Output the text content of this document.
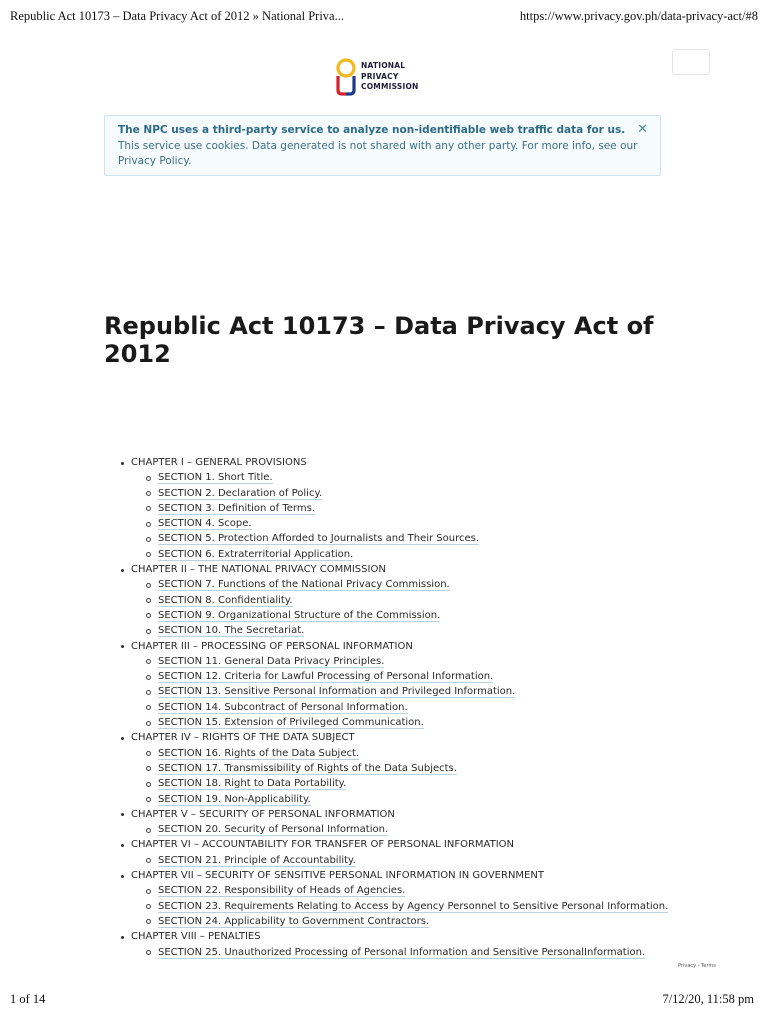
Republic Act 10173 – Data Privacy Act of 2012 » National Priva...	https://www.privacy.gov.ph/data-privacy-act/#8
NATIONAL
PRIVACY
COMMISSION
✕
The NPC uses a third-party service to analyze non-identifiable web traffic data for us.
This service use cookies. Data generated is not shared with any other party. For more info, see our Privacy Policy.
Republic Act 10173 – Data Privacy Act of 2012
CHAPTER I – GENERAL PROVISIONS
SECTION 1. Short Title.
SECTION 2. Declaration of Policy.
SECTION 3. Definition of Terms.
SECTION 4. Scope.
SECTION 5. Protection Afforded to Journalists and Their Sources.
SECTION 6. Extraterritorial Application.
CHAPTER II – THE NATIONAL PRIVACY COMMISSION
SECTION 7. Functions of the National Privacy Commission.
SECTION 8. Confidentiality.
SECTION 9. Organizational Structure of the Commission.
SECTION 10. The Secretariat.
CHAPTER III – PROCESSING OF PERSONAL INFORMATION
SECTION 11. General Data Privacy Principles.
SECTION 12. Criteria for Lawful Processing of Personal Information.
SECTION 13. Sensitive Personal Information and Privileged Information.
SECTION 14. Subcontract of Personal Information.
SECTION 15. Extension of Privileged Communication.
CHAPTER IV – RIGHTS OF THE DATA SUBJECT
SECTION 16. Rights of the Data Subject.
SECTION 17. Transmissibility of Rights of the Data Subjects.
SECTION 18. Right to Data Portability.
SECTION 19. Non-Applicability.
CHAPTER V – SECURITY OF PERSONAL INFORMATION
SECTION 20. Security of Personal Information.
CHAPTER VI – ACCOUNTABILITY FOR TRANSFER OF PERSONAL INFORMATION
SECTION 21. Principle of Accountability.
CHAPTER VII – SECURITY OF SENSITIVE PERSONAL INFORMATION IN GOVERNMENT
SECTION 22. Responsibility of Heads of Agencies.
SECTION 23. Requirements Relating to Access by Agency Personnel to Sensitive Personal Information.
SECTION 24. Applicability to Government Contractors.
CHAPTER VIII – PENALTIES
SECTION 25. Unauthorized Processing of Personal Information and Sensitive PersonalInformation.
Privacy - Terms
1 of 14	7/12/20, 11:58 pm
